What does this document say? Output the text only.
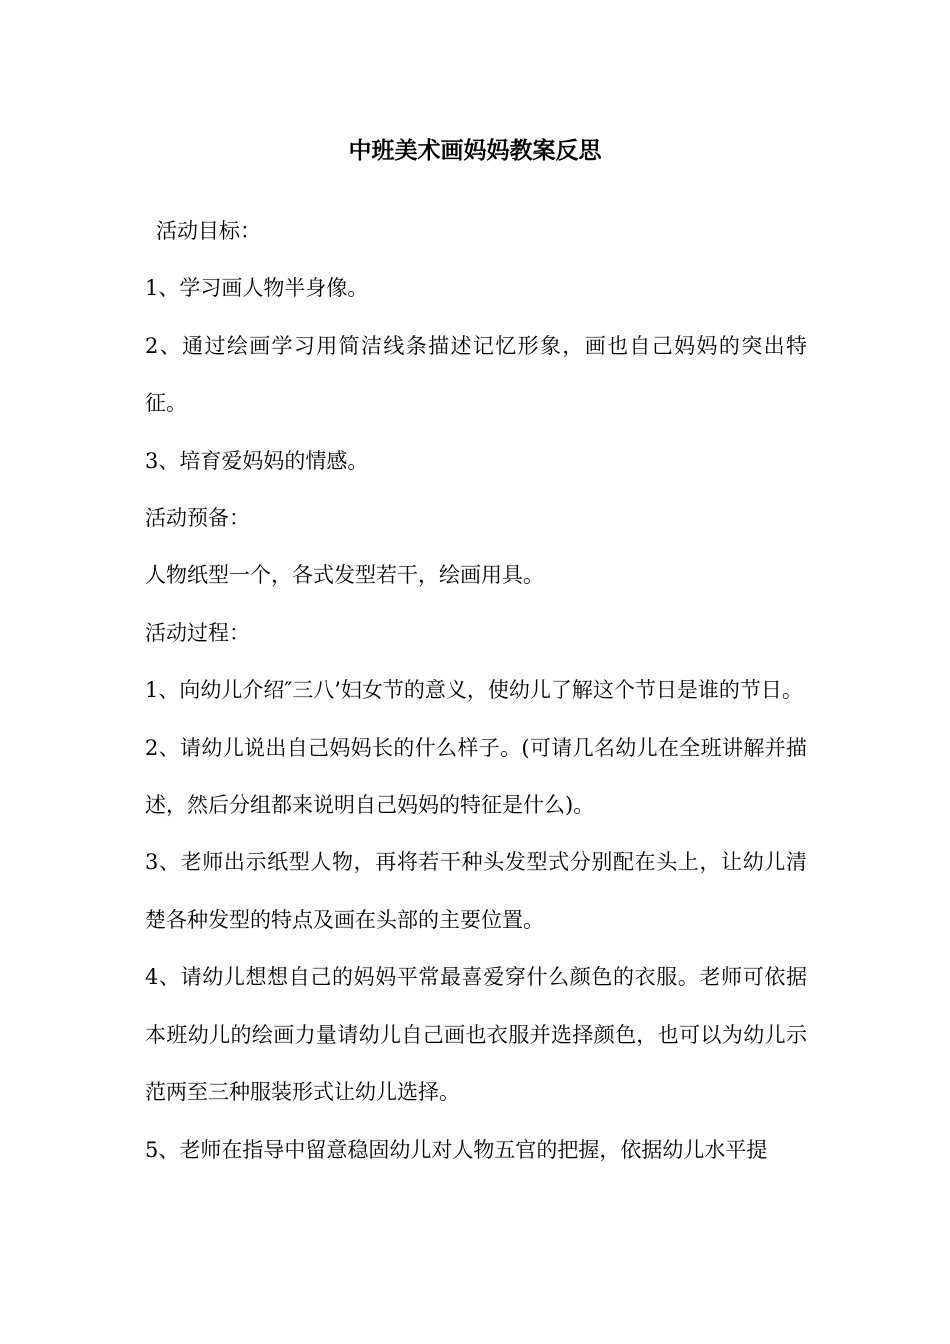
中班美术画妈妈教案反思

活动目标：

1、学习画人物半身像。

2、通过绘画学习用简洁线条描述记忆形象，画也自己妈妈的突出特征。

3、培育爱妈妈的情感。

活动预备：

人物纸型一个，各式发型若干，绘画用具。

活动过程：

1、向幼儿介绍″三八’妇女节的意义，使幼儿了解这个节日是谁的节日。

2、请幼儿说出自己妈妈长的什么样子。(可请几名幼儿在全班讲解并描述，然后分组都来说明自己妈妈的特征是什么)。

3、老师出示纸型人物，再将若干种头发型式分别配在头上，让幼儿清楚各种发型的特点及画在头部的主要位置。

4、请幼儿想想自己的妈妈平常最喜爱穿什么颜色的衣服。老师可依据本班幼儿的绘画力量请幼儿自己画也衣服并选择颜色，也可以为幼儿示范两至三种服装形式让幼儿选择。

5、老师在指导中留意稳固幼儿对人物五官的把握，依据幼儿水平提
